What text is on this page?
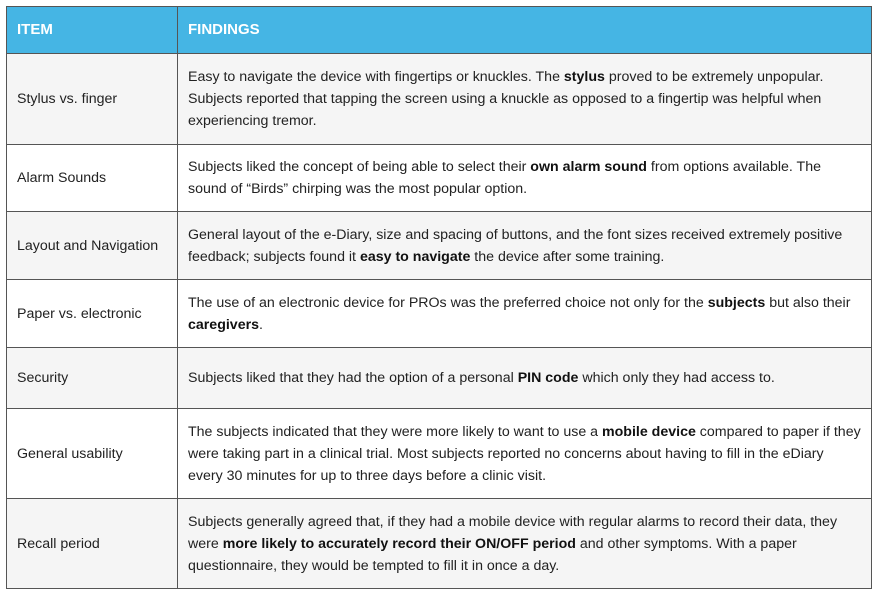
ITEM	FINDINGS
Stylus vs. finger	Easy to navigate the device with fingertips or knuckles. The stylus proved to be extremely unpopular. Subjects reported that tapping the screen using a knuckle as opposed to a fingertip was helpful when experiencing tremor.
Alarm Sounds	Subjects liked the concept of being able to select their own alarm sound from options available. The sound of “Birds” chirping was the most popular option.
Layout and Navigation	General layout of the e-Diary, size and spacing of buttons, and the font sizes received extremely positive feedback; subjects found it easy to navigate the device after some training.
Paper vs. electronic	The use of an electronic device for PROs was the preferred choice not only for the subjects but also their caregivers.
Security	Subjects liked that they had the option of a personal PIN code which only they had access to.
General usability	The subjects indicated that they were more likely to want to use a mobile device compared to paper if they were taking part in a clinical trial. Most subjects reported no concerns about having to fill in the eDiary every 30 minutes for up to three days before a clinic visit.
Recall period	Subjects generally agreed that, if they had a mobile device with regular alarms to record their data, they were more likely to accurately record their ON/OFF period and other symptoms. With a paper questionnaire, they would be tempted to fill it in once a day.
